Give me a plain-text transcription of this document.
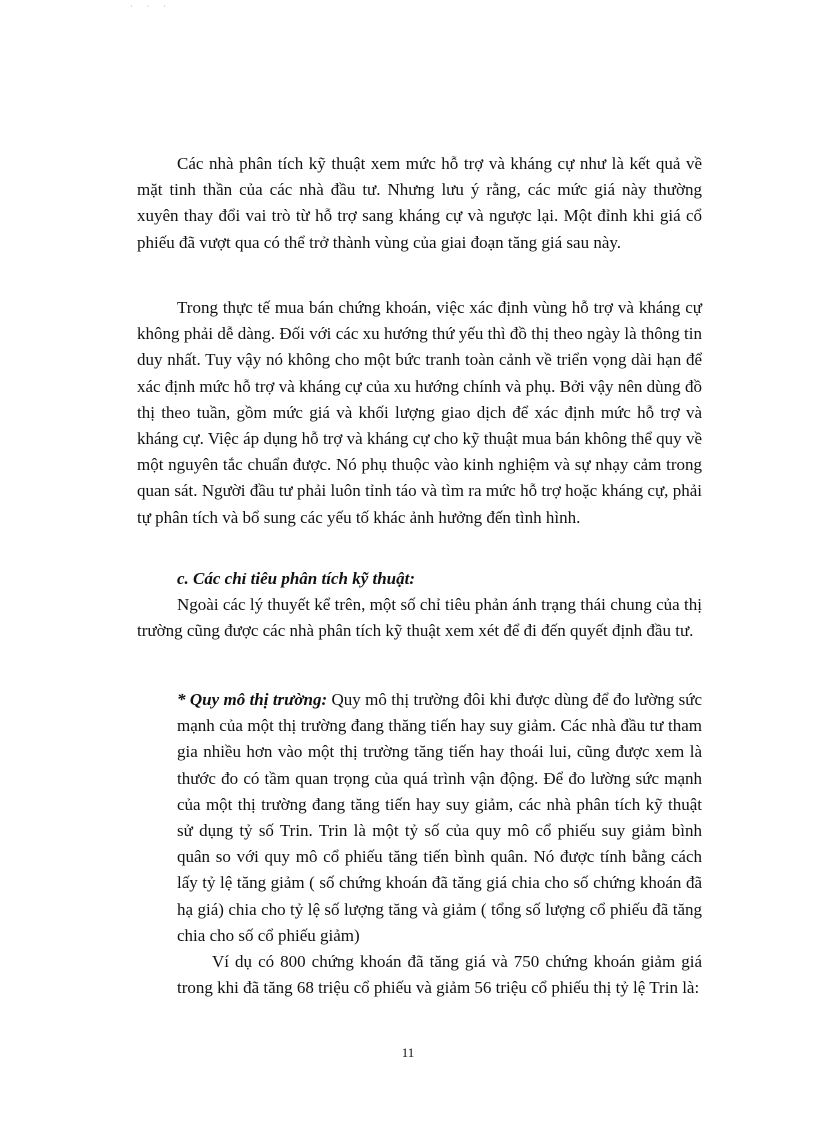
· · ·

Các nhà phân tích kỹ thuật xem mức hỗ trợ và kháng cự như là kết quả về mặt tinh thần của các nhà đầu tư. Nhưng lưu ý rằng, các mức giá này thường xuyên thay đổi vai trò từ hỗ trợ sang kháng cự và ngược lại. Một đỉnh khi giá cổ phiếu đã vượt qua có thể trở thành vùng của giai đoạn tăng giá sau này.

Trong thực tế mua bán chứng khoán, việc xác định vùng hỗ trợ và kháng cự không phải dễ dàng. Đối với các xu hướng thứ yếu thì đồ thị theo ngày là thông tin duy nhất. Tuy vậy nó không cho một bức tranh toàn cảnh về triển vọng dài hạn để xác định mức hỗ trợ và kháng cự của xu hướng chính và phụ. Bởi vậy nên dùng đồ thị theo tuần, gồm mức giá và khối lượng giao dịch để xác định mức hỗ trợ và kháng cự. Việc áp dụng hỗ trợ và kháng cự cho kỹ thuật mua bán không thể quy về một nguyên tắc chuẩn được. Nó phụ thuộc vào kinh nghiệm và sự nhạy cảm trong quan sát. Người đầu tư phải luôn tỉnh táo và tìm ra mức hỗ trợ hoặc kháng cự, phải tự phân tích và bổ sung các yếu tố khác ảnh hưởng đến tình hình.

c. Các chỉ tiêu phân tích kỹ thuật:

Ngoài các lý thuyết kể trên, một số chỉ tiêu phản ánh trạng thái chung của thị trường cũng được các nhà phân tích kỹ thuật xem xét để đi đến quyết định đầu tư.

* Quy mô thị trường: Quy mô thị trường đôi khi được dùng để đo lường sức mạnh của một thị trường đang thăng tiến hay suy giảm. Các nhà đầu tư tham gia nhiều hơn vào một thị trường tăng tiến hay thoái lui, cũng được xem là thước đo có tầm quan trọng của quá trình vận động. Để đo lường sức mạnh của một thị trường đang tăng tiến hay suy giảm, các nhà phân tích kỹ thuật sử dụng tỷ số Trin. Trin là một tỷ số của quy mô cổ phiếu suy giảm bình quân so với quy mô cổ phiếu tăng tiến bình quân. Nó được tính bằng cách lấy tỷ lệ tăng giảm ( số chứng khoán đã tăng giá chia cho số chứng khoán đã hạ giá) chia cho tỷ lệ số lượng tăng và giảm ( tổng số lượng cổ phiếu đã tăng chia cho số cổ phiếu giảm)

Ví dụ có 800 chứng khoán đã tăng giá và 750 chứng khoán giảm giá trong khi đã tăng 68 triệu cổ phiếu và giảm 56 triệu cổ phiếu thị tỷ lệ Trin là:

11
